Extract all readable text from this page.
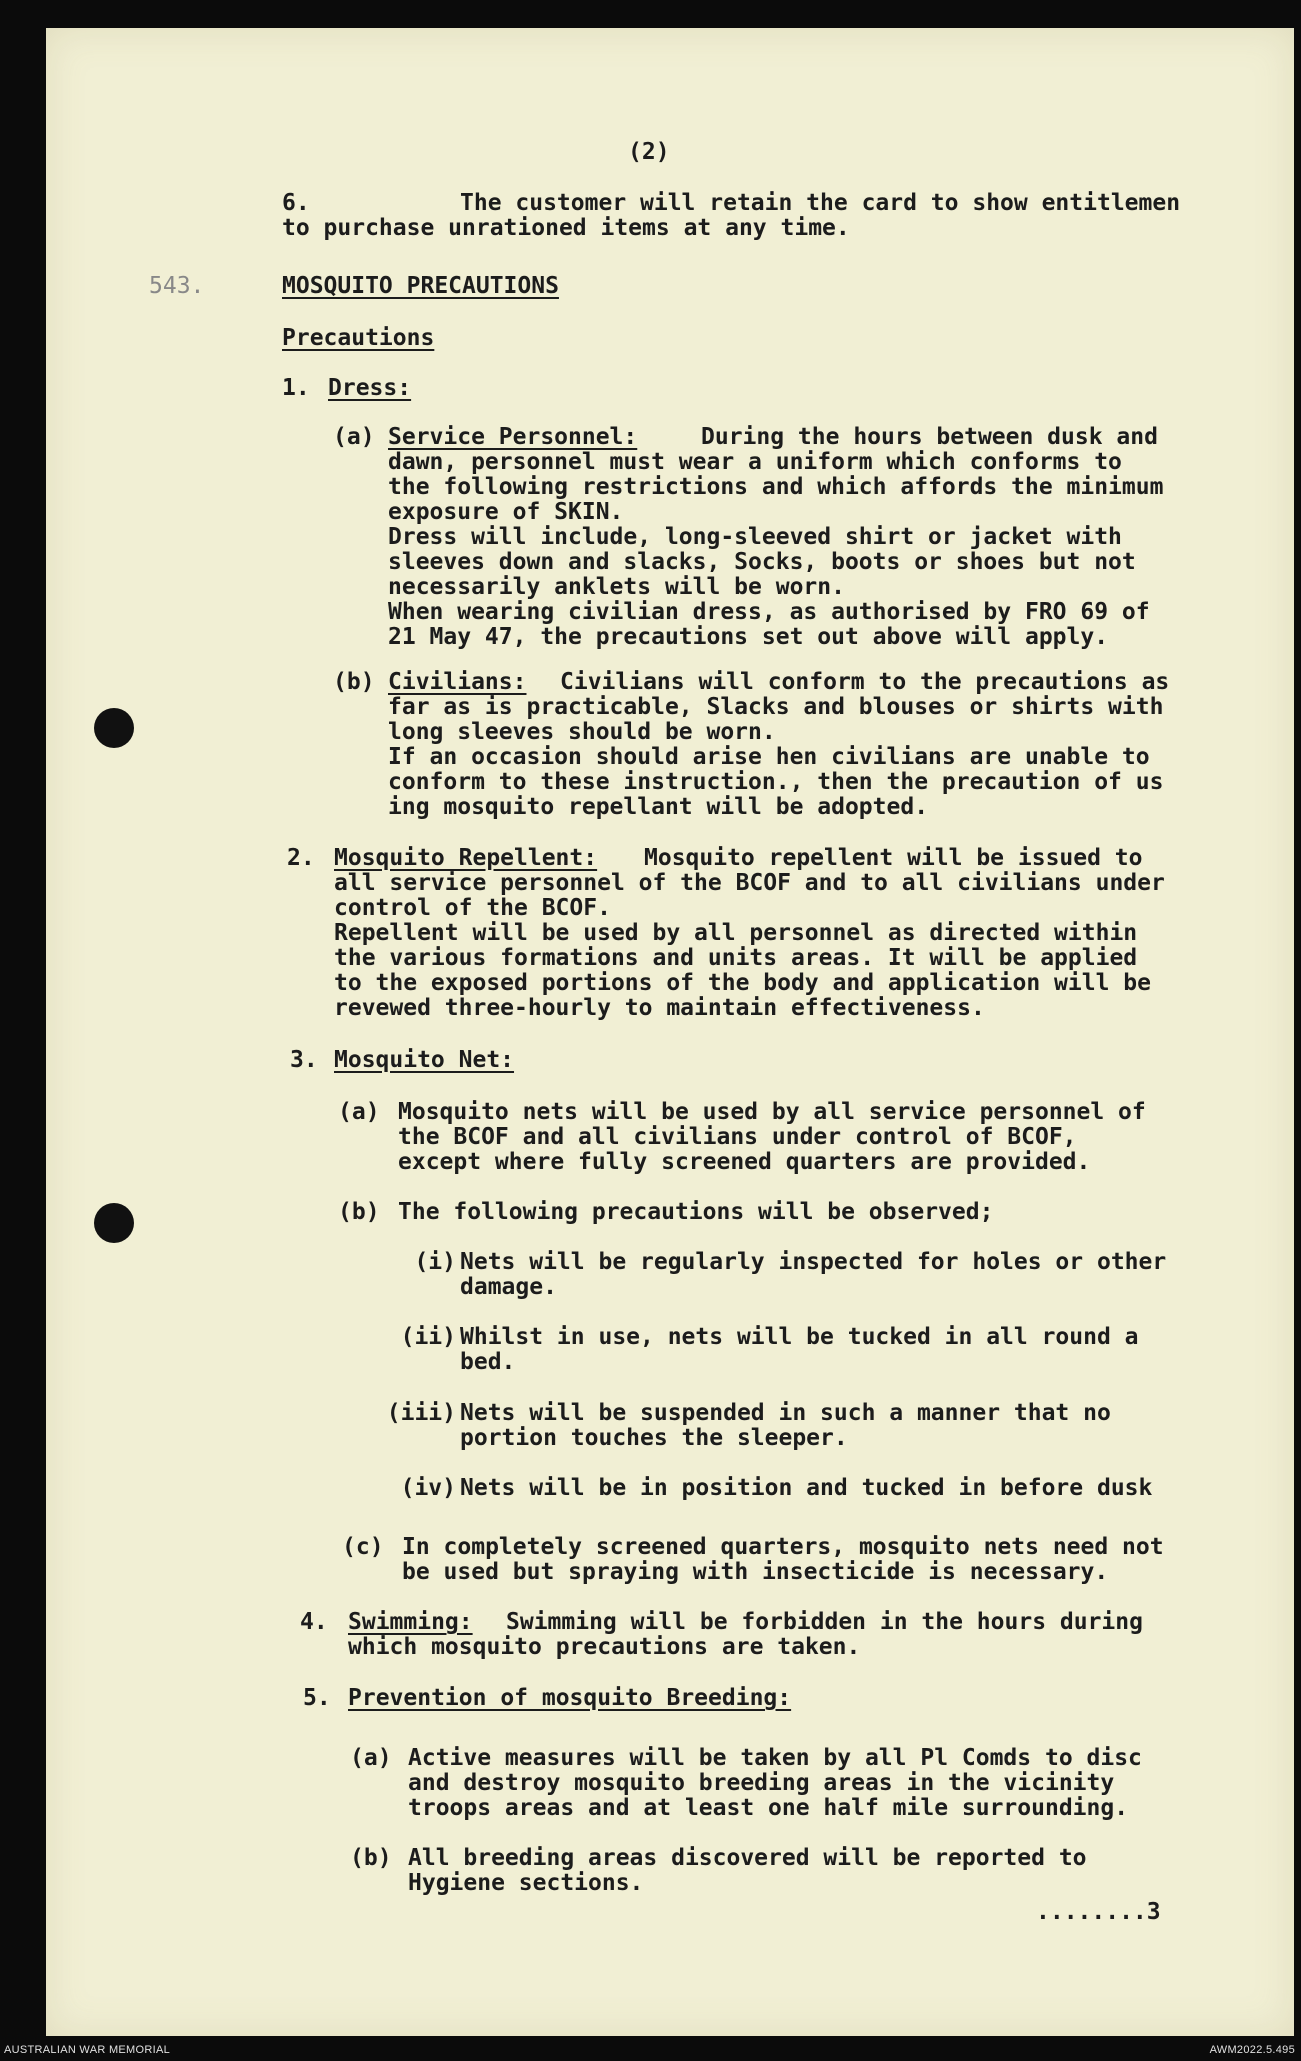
(2)
6.	The customer will retain the card to show entitlemen
to purchase unrationed items at any time.
543.	MOSQUITO PRECAUTIONS
Precautions
1. Dress:
(a) Service Personnel:	During the hours between dusk and
dawn, personnel must wear a uniform which conforms to
the following restrictions and which affords the minimum
exposure of SKIN.
Dress will include, long-sleeved shirt or jacket with
sleeves down and slacks, Socks, boots or shoes but not
necessarily anklets will be worn.
When wearing civilian dress, as authorised by FRO 69 of
21 May 47, the precautions set out above will apply.
(b) Civilians: Civilians will conform to the precautions as
far as is practicable, Slacks and blouses or shirts with
long sleeves should be worn.
If an occasion should arise hen civilians are unable to
conform to these instruction., then the precaution of us
ing mosquito repellant will be adopted.
2. Mosquito Repellent: Mosquito repellent will be issued to
all service personnel of the BCOF and to all civilians under
control of the BCOF.
Repellent will be used by all personnel as directed within
the various formations and units areas. It will be applied
to the exposed portions of the body and application will be
revewed three-hourly to maintain effectiveness.
3. Mosquito Net:
(a) Mosquito nets will be used by all service personnel of
the BCOF and all civilians under control of BCOF,
except where fully screened quarters are provided.
(b) The following precautions will be observed;
(i) Nets will be regularly inspected for holes or other
damage.
(ii) Whilst in use, nets will be tucked in all round a
bed.
(iii) Nets will be suspended in such a manner that no
portion touches the sleeper.
(iv) Nets will be in position and tucked in before dusk
(c) In completely screened quarters, mosquito nets need not
be used but spraying with insecticide is necessary.
4. Swimming: Swimming will be forbidden in the hours during
which mosquito precautions are taken.
5. Prevention of mosquito Breeding:
(a) Active measures will be taken by all Pl Comds to disc
and destroy mosquito breeding areas in the vicinity
troops areas and at least one half mile surrounding.
(b) All breeding areas discovered will be reported to
Hygiene sections.
........3
AUSTRALIAN WAR MEMORIAL	AWM2022.5.495
